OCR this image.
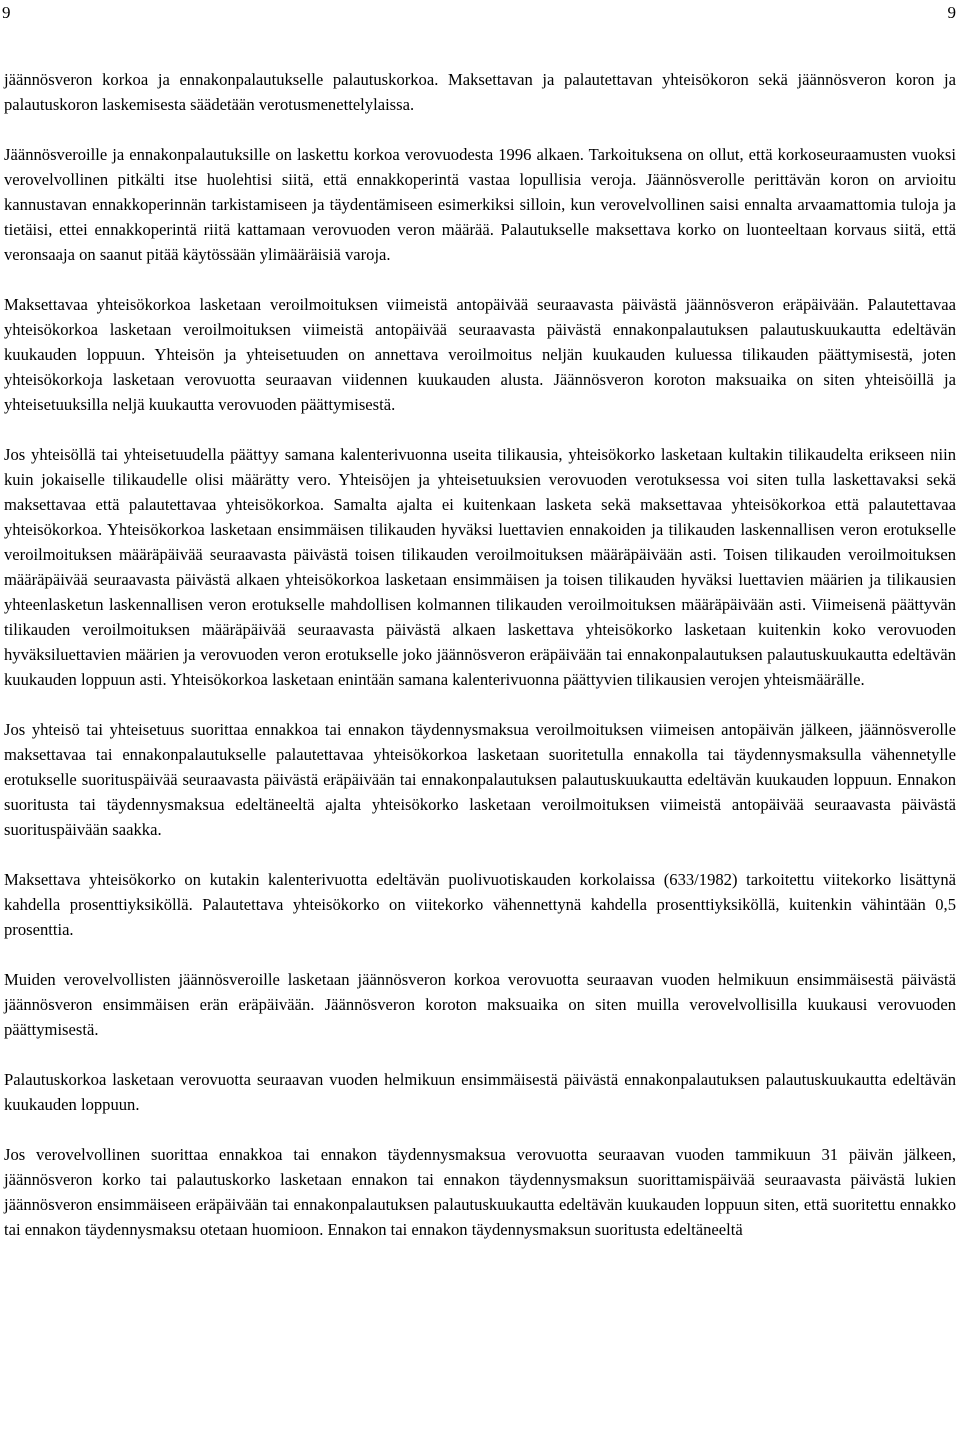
9	9

jäännösveron korkoa ja ennakonpalautukselle palautuskorkoa. Maksettavan ja palautettavan yhteisökoron sekä jäännösveron koron ja palautuskoron laskemisesta säädetään verotusmenettelylaissa.

Jäännösveroille ja ennakonpalautuksille on laskettu korkoa verovuodesta 1996 alkaen. Tarkoituksena on ollut, että korkoseuraamusten vuoksi verovelvollinen pitkälti itse huolehtisi siitä, että ennakkoperintä vastaa lopullisia veroja. Jäännösverolle perittävän koron on arvioitu kannustavan ennakkoperinnän tarkistamiseen ja täydentämiseen esimerkiksi silloin, kun verovelvollinen saisi ennalta arvaamattomia tuloja ja tietäisi, ettei ennakkoperintä riitä kattamaan verovuoden veron määrää. Palautukselle maksettava korko on luonteeltaan korvaus siitä, että veronsaaja on saanut pitää käytössään ylimääräisiä varoja.

Maksettavaa yhteisökorkoa lasketaan veroilmoituksen viimeistä antopäivää seuraavasta päivästä jäännösveron eräpäivään. Palautettavaa yhteisökorkoa lasketaan veroilmoituksen viimeistä antopäivää seuraavasta päivästä ennakonpalautuksen palautuskuukautta edeltävän kuukauden loppuun. Yhteisön ja yhteisetuuden on annettava veroilmoitus neljän kuukauden kuluessa tilikauden päättymisestä, joten yhteisökorkoja lasketaan verovuotta seuraavan viidennen kuukauden alusta. Jäännösveron koroton maksuaika on siten yhteisöillä ja yhteisetuuksilla neljä kuukautta verovuoden päättymisestä.

Jos yhteisöllä tai yhteisetuudella päättyy samana kalenterivuonna useita tilikausia, yhteisökorko lasketaan kultakin tilikaudelta erikseen niin kuin jokaiselle tilikaudelle olisi määrätty vero. Yhteisöjen ja yhteisetuuksien verovuoden verotuksessa voi siten tulla laskettavaksi sekä maksettavaa että palautettavaa yhteisökorkoa. Samalta ajalta ei kuitenkaan lasketa sekä maksettavaa yhteisökorkoa että palautettavaa yhteisökorkoa. Yhteisökorkoa lasketaan ensimmäisen tilikauden hyväksi luettavien ennakoiden ja tilikauden laskennallisen veron erotukselle veroilmoituksen määräpäivää seuraavasta päivästä toisen tilikauden veroilmoituksen määräpäivään asti. Toisen tilikauden veroilmoituksen määräpäivää seuraavasta päivästä alkaen yhteisökorkoa lasketaan ensimmäisen ja toisen tilikauden hyväksi luettavien määrien ja tilikausien yhteenlasketun laskennallisen veron erotukselle mahdollisen kolmannen tilikauden veroilmoituksen määräpäivään asti. Viimeisenä päättyvän tilikauden veroilmoituksen määräpäivää seuraavasta päivästä alkaen laskettava yhteisökorko lasketaan kuitenkin koko verovuoden hyväksiluettavien määrien ja verovuoden veron erotukselle joko jäännösveron eräpäivään tai ennakonpalautuksen palautuskuukautta edeltävän kuukauden loppuun asti. Yhteisökorkoa lasketaan enintään samana kalenterivuonna päättyvien tilikausien verojen yhteismäärälle.

Jos yhteisö tai yhteisetuus suorittaa ennakkoa tai ennakon täydennysmaksua veroilmoituksen viimeisen antopäivän jälkeen, jäännösverolle maksettavaa tai ennakonpalautukselle palautettavaa yhteisökorkoa lasketaan suoritetulla ennakolla tai täydennysmaksulla vähennetylle erotukselle suorituspäivää seuraavasta päivästä eräpäivään tai ennakonpalautuksen palautuskuukautta edeltävän kuukauden loppuun. Ennakon suoritusta tai täydennysmaksua edeltäneeltä ajalta yhteisökorko lasketaan veroilmoituksen viimeistä antopäivää seuraavasta päivästä suorituspäivään saakka.

Maksettava yhteisökorko on kutakin kalenterivuotta edeltävän puolivuotiskauden korkolaissa (633/1982) tarkoitettu viitekorko lisättynä kahdella prosenttiyksiköllä. Palautettava yhteisökorko on viitekorko vähennettynä kahdella prosenttiyksiköllä, kuitenkin vähintään 0,5 prosenttia.

Muiden verovelvollisten jäännösveroille lasketaan jäännösveron korkoa verovuotta seuraavan vuoden helmikuun ensimmäisestä päivästä jäännösveron ensimmäisen erän eräpäivään. Jäännösveron koroton maksuaika on siten muilla verovelvollisilla kuukausi verovuoden päättymisestä.

Palautuskorkoa lasketaan verovuotta seuraavan vuoden helmikuun ensimmäisestä päivästä ennakonpalautuksen palautuskuukautta edeltävän kuukauden loppuun.

Jos verovelvollinen suorittaa ennakkoa tai ennakon täydennysmaksua verovuotta seuraavan vuoden tammikuun 31 päivän jälkeen, jäännösveron korko tai palautuskorko lasketaan ennakon tai ennakon täydennysmaksun suorittamispäivää seuraavasta päivästä lukien jäännösveron ensimmäiseen eräpäivään tai ennakonpalautuksen palautuskuukautta edeltävän kuukauden loppuun siten, että suoritettu ennakko tai ennakon täydennysmaksu otetaan huomioon. Ennakon tai ennakon täydennysmaksun suoritusta edeltäneeltä
